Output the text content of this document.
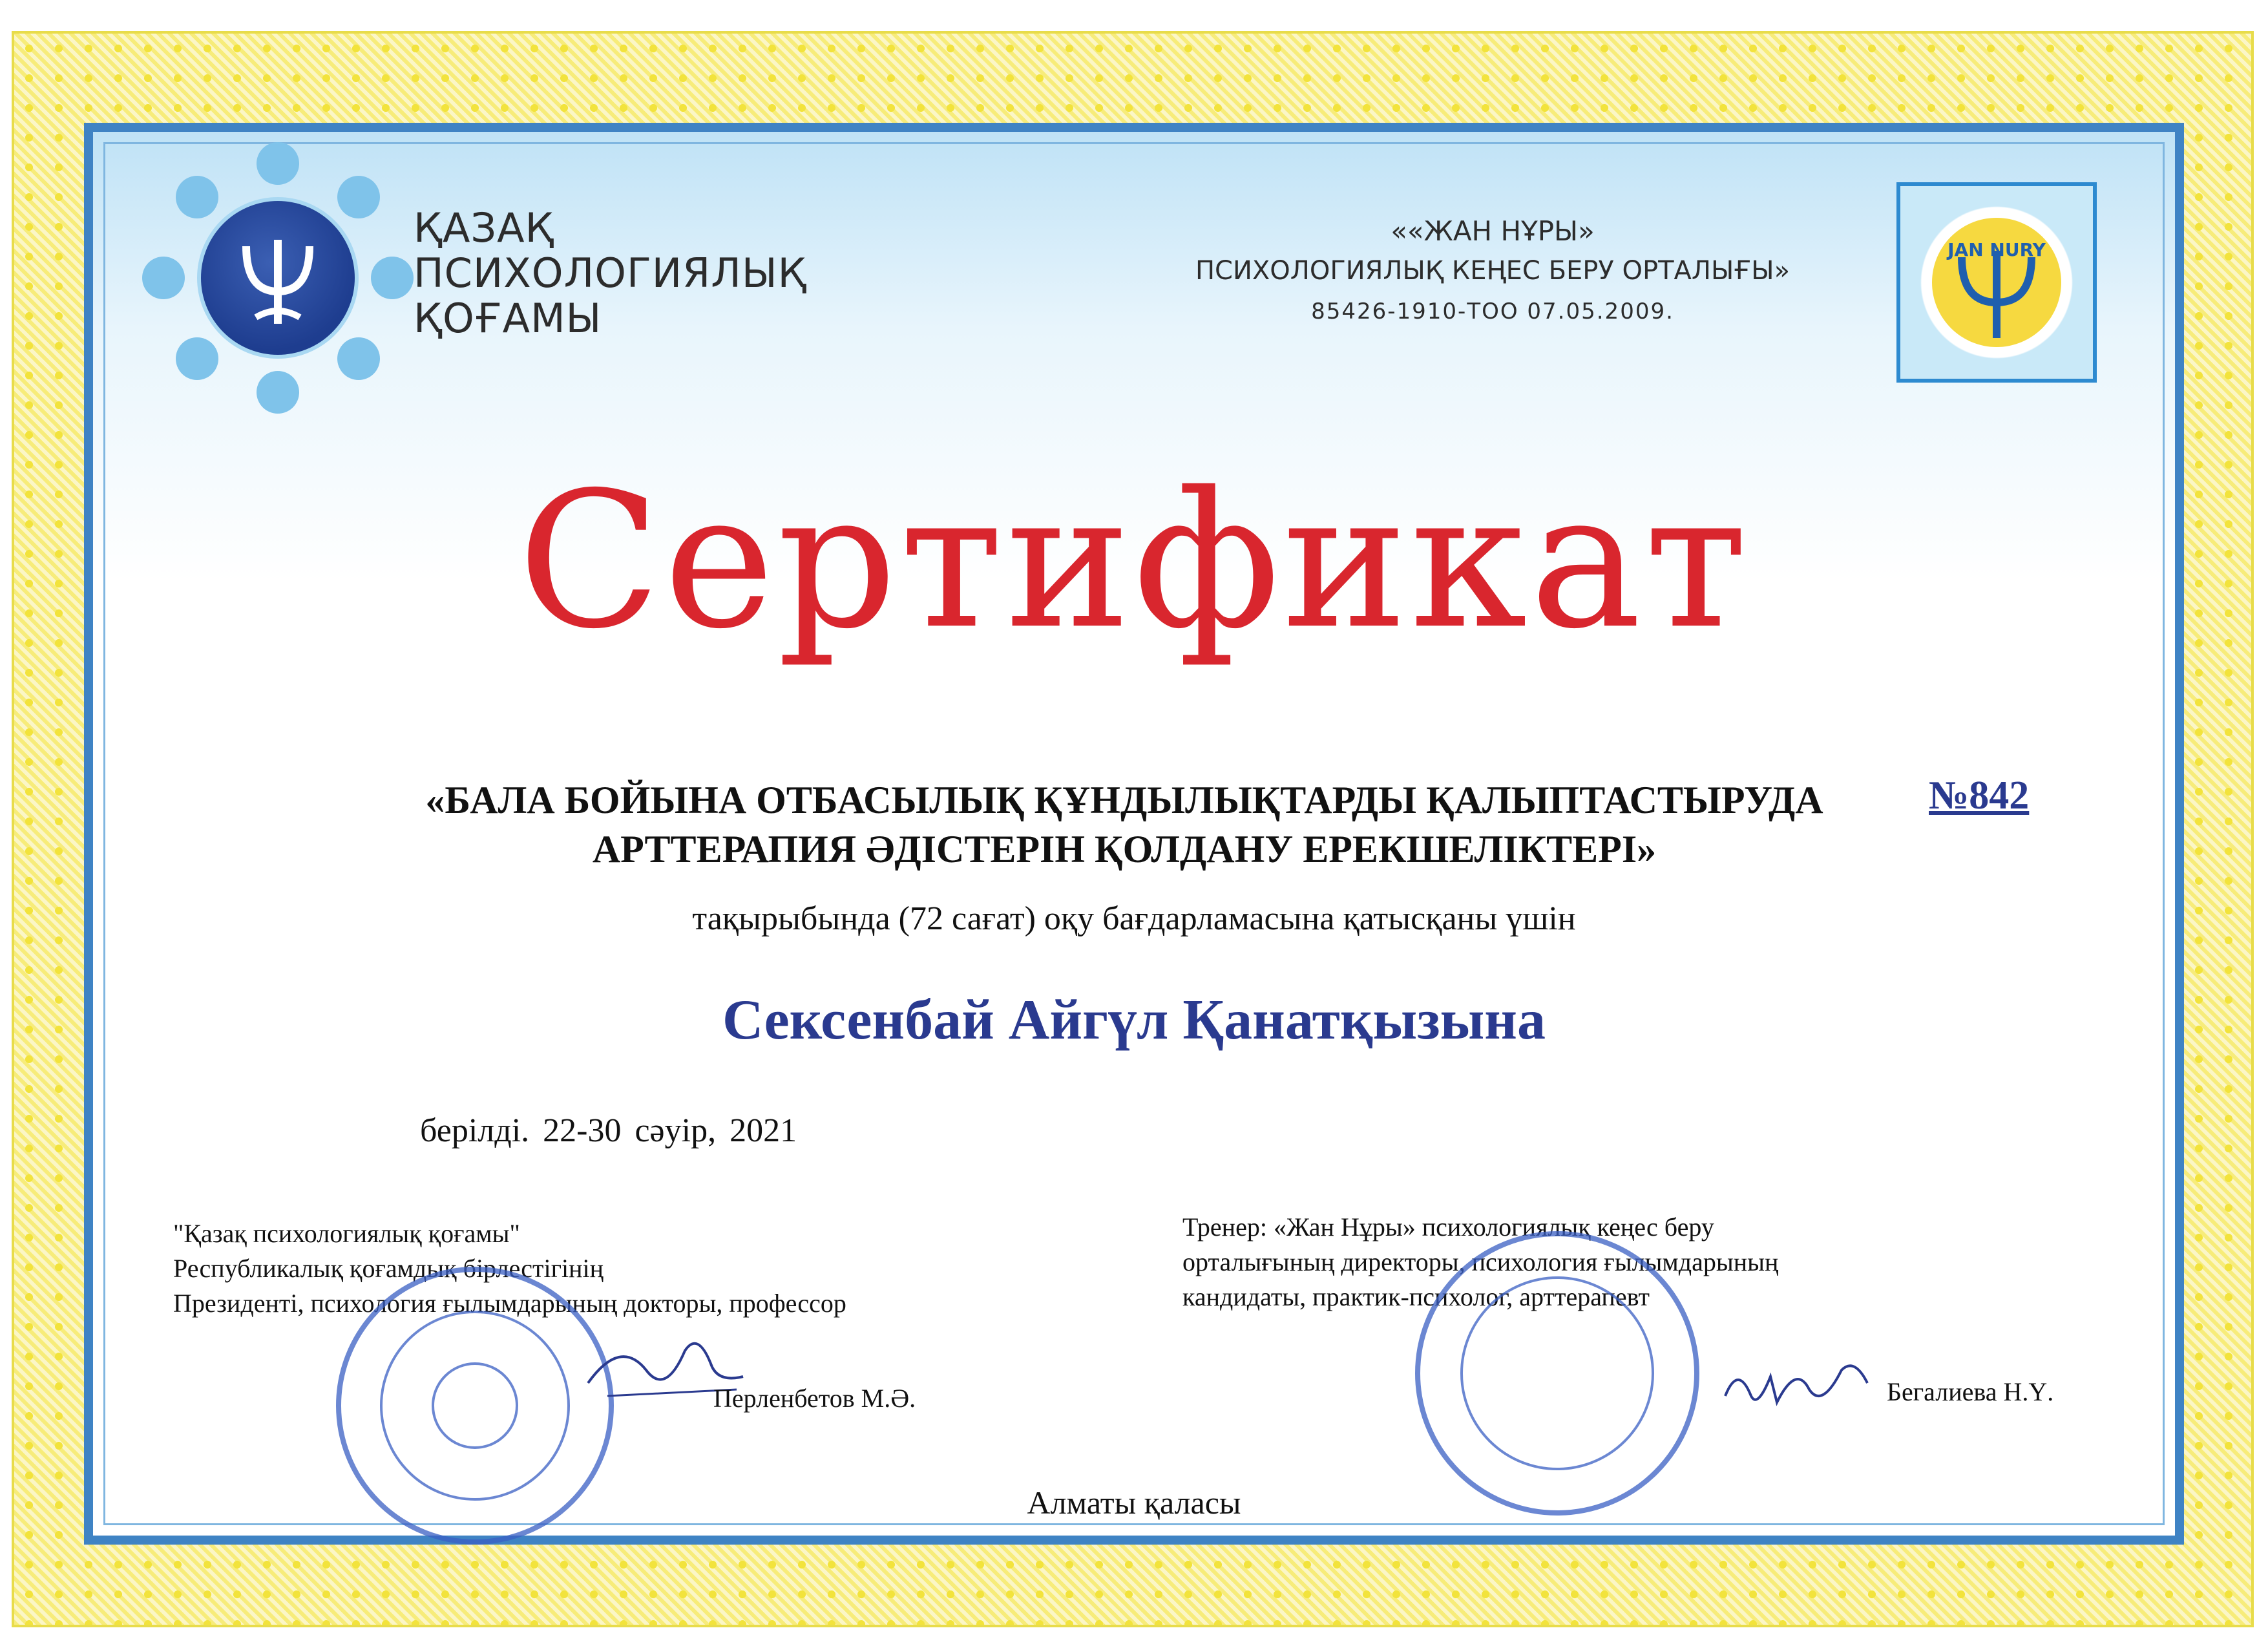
ҚАЗАҚ
ПСИХОЛОГИЯЛЫҚ
ҚОҒАМЫ
««ЖАН НҰРЫ»
ПСИХОЛОГИЯЛЫҚ КЕҢЕС БЕРУ ОРТАЛЫҒЫ»
85426-1910-ТОО 07.05.2009.
JAN NURY
Сертификат
«БАЛА БОЙЫНА ОТБАСЫЛЫҚ ҚҰНДЫЛЫҚТАРДЫ ҚАЛЫПТАСТЫРУДА
АРТТЕРАПИЯ ӘДІСТЕРІН ҚОЛДАНУ ЕРЕКШЕЛІКТЕРІ»
№842
тақырыбында (72 сағат) оқу бағдарламасына қатысқаны үшін
Сексенбай Айгүл Қанатқызына
берілді. 22-30 сәуір, 2021
"Қазақ психологиялық қоғамы"
Республикалық қоғамдық бірлестігінің
Президенті, психология ғылымдарының докторы, профессор
Перленбетов М.Ә.
Тренер: «Жан Нұры» психологиялық кеңес беру
орталығының директоры, психология ғылымдарының
кандидаты, практик-психолог, арттерапевт
Бегалиева Н.Ү.
Алматы қаласы
